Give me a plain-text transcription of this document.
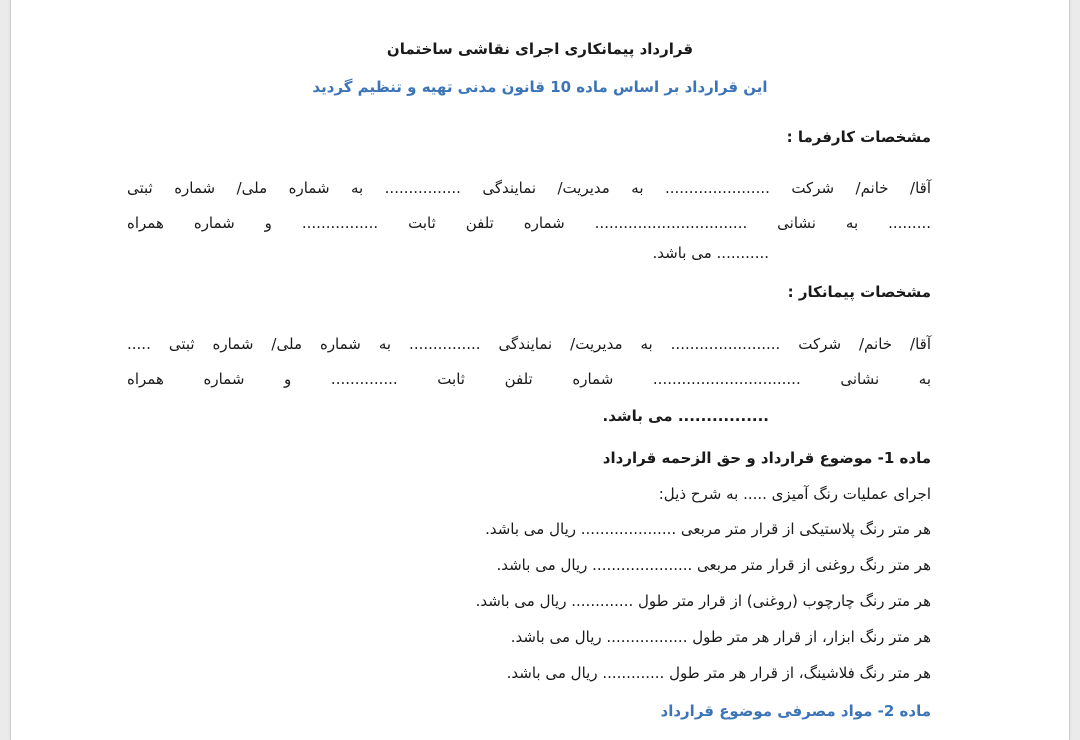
قرارداد پیمانکاری اجرای نقاشی ساختمان

این قرارداد بر اساس ماده 10 قانون مدنی تهیه و تنظیم گردید

مشخصات کارفرما :

آقا/ خانم/ شرکت ...................... به مدیریت/ نمایندگی ................ به شماره ملی/ شماره ثبتی

......... به نشانی ................................ شماره تلفن ثابت ................ و شماره همراه

........... می باشد.

مشخصات پیمانکار :

آقا/ خانم/ شرکت ....................... به مدیریت/ نمایندگی ............... به شماره ملی/ شماره ثبتی .....

به نشانی ............................... شماره تلفن ثابت .............. و شماره همراه

................ می باشد.

ماده 1- موضوع قرارداد و حق الزحمه قرارداد

اجرای عملیات رنگ آمیزی ..... به شرح ذیل:

هر متر رنگ پلاستیکی از قرار متر مربعی .................... ریال می باشد.

هر متر رنگ روغنی از قرار متر مربعی ..................... ریال می باشد.

هر متر رنگ چارچوب (روغنی) از قرار متر طول ............. ریال می باشد.

هر متر رنگ ابزار، از قرار هر متر طول ................. ریال می باشد.

هر متر رنگ فلاشینگ، از قرار هر متر طول ............. ریال می باشد.

ماده 2- مواد مصرفی موضوع قرارداد
